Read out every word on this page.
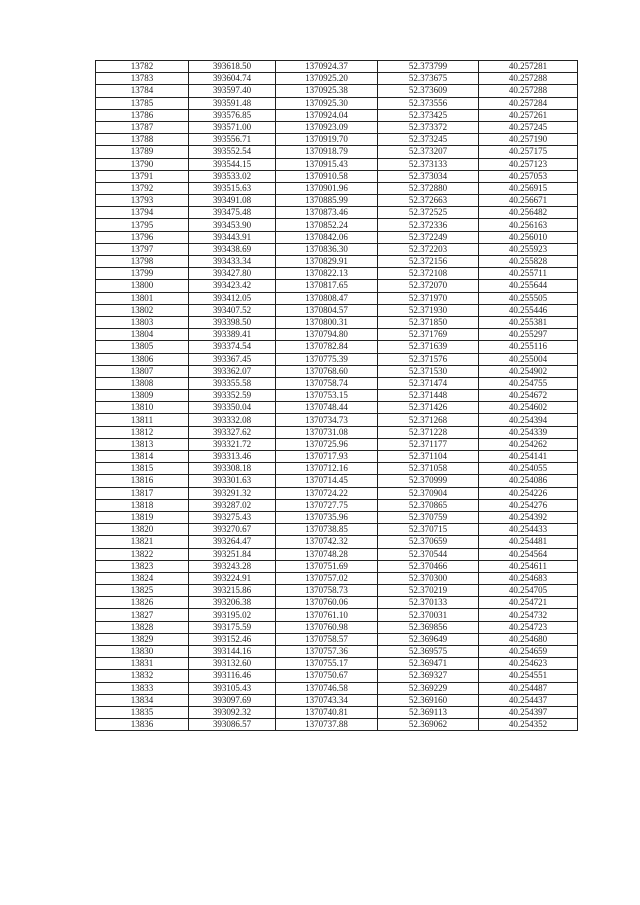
13782	393618.50	1370924.37	52.373799	40.257281
13783	393604.74	1370925.20	52.373675	40.257288
13784	393597.40	1370925.38	52.373609	40.257288
13785	393591.48	1370925.30	52.373556	40.257284
13786	393576.85	1370924.04	52.373425	40.257261
13787	393571.00	1370923.09	52.373372	40.257245
13788	393556.71	1370919.70	52.373245	40.257190
13789	393552.54	1370918.79	52.373207	40.257175
13790	393544.15	1370915.43	52.373133	40.257123
13791	393533.02	1370910.58	52.373034	40.257053
13792	393515.63	1370901.96	52.372880	40.256915
13793	393491.08	1370885.99	52.372663	40.256671
13794	393475.48	1370873.46	52.372525	40.256482
13795	393453.90	1370852.24	52.372336	40.256163
13796	393443.91	1370842.06	52.372249	40.256010
13797	393438.69	1370836.30	52.372203	40.255923
13798	393433.34	1370829.91	52.372156	40.255828
13799	393427.80	1370822.13	52.372108	40.255711
13800	393423.42	1370817.65	52.372070	40.255644
13801	393412.05	1370808.47	52.371970	40.255505
13802	393407.52	1370804.57	52.371930	40.255446
13803	393398.50	1370800.31	52.371850	40.255381
13804	393389.41	1370794.80	52.371769	40.255297
13805	393374.54	1370782.84	52.371639	40.255116
13806	393367.45	1370775.39	52.371576	40.255004
13807	393362.07	1370768.60	52.371530	40.254902
13808	393355.58	1370758.74	52.371474	40.254755
13809	393352.59	1370753.15	52.371448	40.254672
13810	393350.04	1370748.44	52.371426	40.254602
13811	393332.08	1370734.73	52.371268	40.254394
13812	393327.62	1370731.08	52.371228	40.254339
13813	393321.72	1370725.96	52.371177	40.254262
13814	393313.46	1370717.93	52.371104	40.254141
13815	393308.18	1370712.16	52.371058	40.254055
13816	393301.63	1370714.45	52.370999	40.254086
13817	393291.32	1370724.22	52.370904	40.254226
13818	393287.02	1370727.75	52.370865	40.254276
13819	393275.43	1370735.96	52.370759	40.254392
13820	393270.67	1370738.85	52.370715	40.254433
13821	393264.47	1370742.32	52.370659	40.254481
13822	393251.84	1370748.28	52.370544	40.254564
13823	393243.28	1370751.69	52.370466	40.254611
13824	393224.91	1370757.02	52.370300	40.254683
13825	393215.86	1370758.73	52.370219	40.254705
13826	393206.38	1370760.06	52.370133	40.254721
13827	393195.02	1370761.10	52.370031	40.254732
13828	393175.59	1370760.98	52.369856	40.254723
13829	393152.46	1370758.57	52.369649	40.254680
13830	393144.16	1370757.36	52.369575	40.254659
13831	393132.60	1370755.17	52.369471	40.254623
13832	393116.46	1370750.67	52.369327	40.254551
13833	393105.43	1370746.58	52.369229	40.254487
13834	393097.69	1370743.34	52.369160	40.254437
13835	393092.32	1370740.81	52.369113	40.254397
13836	393086.57	1370737.88	52.369062	40.254352
